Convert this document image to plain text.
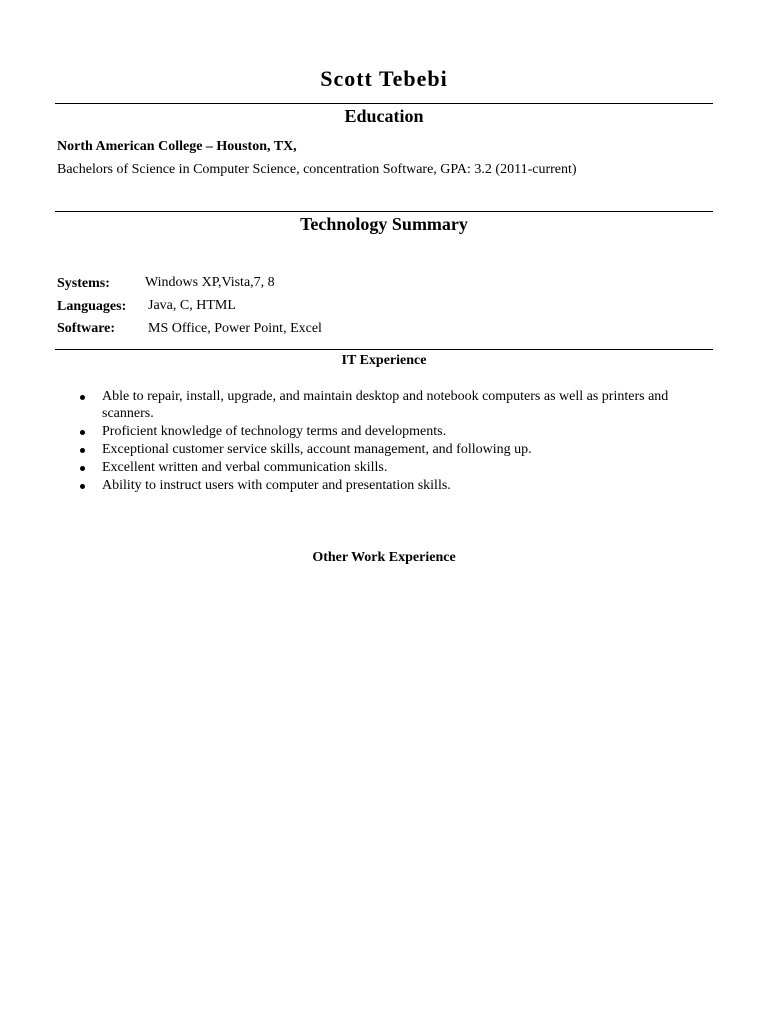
Scott Tebebi
Education
North American College – Houston, TX,
Bachelors of Science in Computer Science, concentration Software, GPA: 3.2 (2011-current)
Technology Summary
Systems:	Windows XP,Vista,7, 8
Languages: Java, C, HTML
Software: MS Office, Power Point, Excel
IT Experience
Able to repair, install, upgrade, and maintain desktop and notebook computers as well as printers and scanners.
Proficient knowledge of technology terms and developments.
Exceptional customer service skills, account management, and following up.
Excellent written and verbal communication skills.
Ability to instruct users with computer and presentation skills.
Other Work Experience
